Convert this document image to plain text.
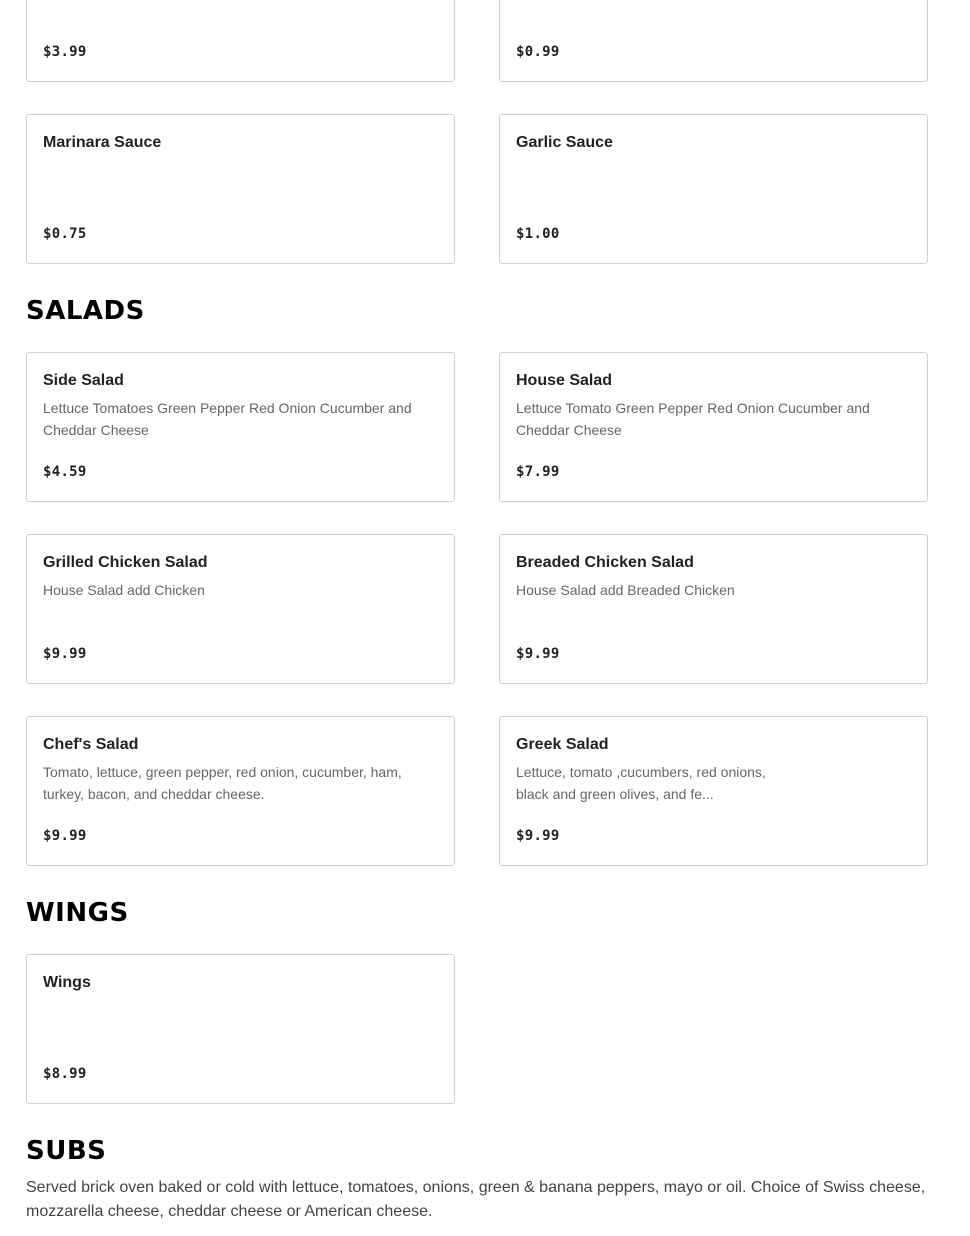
$3.99	$0.99
Marinara Sauce
$0.75
Garlic Sauce
$1.00
SALADS
Side Salad
Lettuce Tomatoes Green Pepper Red Onion Cucumber and Cheddar Cheese
$4.59
House Salad
Lettuce Tomato Green Pepper Red Onion Cucumber and Cheddar Cheese
$7.99
Grilled Chicken Salad
House Salad add Chicken
$9.99
Breaded Chicken Salad
House Salad add Breaded Chicken
$9.99
Chef's Salad
Tomato, lettuce, green pepper, red onion, cucumber, ham, turkey, bacon, and cheddar cheese.
$9.99
Greek Salad
Lettuce, tomato ,cucumbers, red onions, black and green olives, and fe...
$9.99
WINGS
Wings
$8.99
SUBS

Served brick oven baked or cold with lettuce, tomatoes, onions, green & banana peppers, mayo or oil. Choice of Swiss cheese, mozzarella cheese, cheddar cheese or American cheese.
